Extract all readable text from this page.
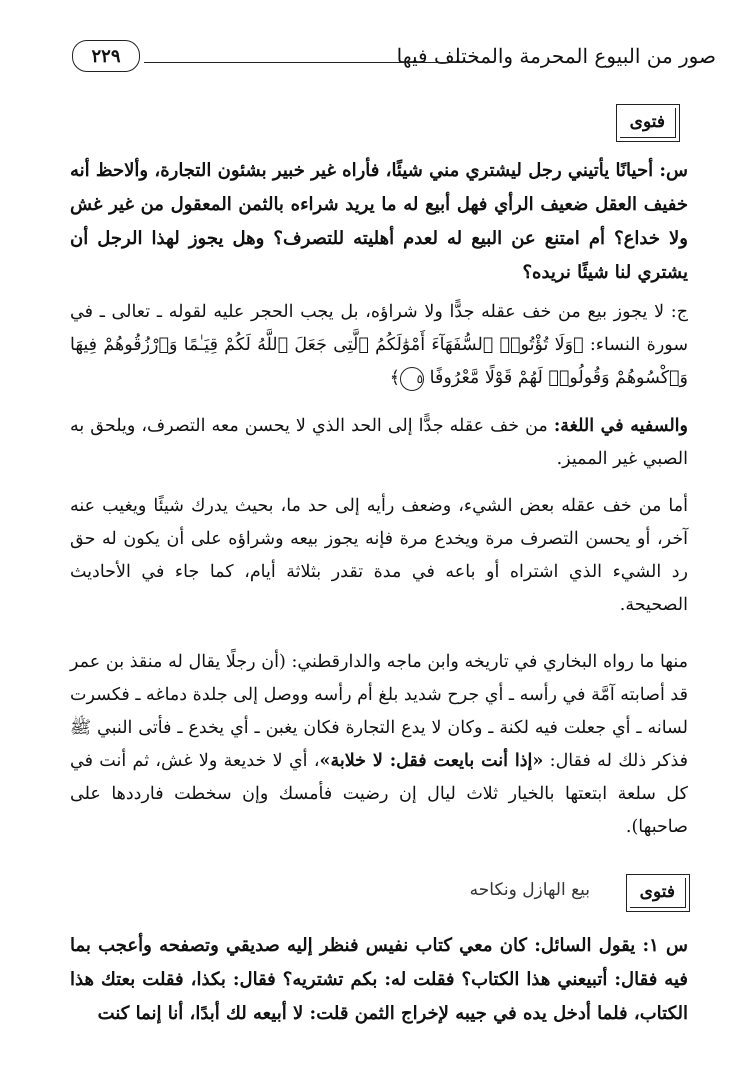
صور من البيوع المحرمة والمختلف فيها
٢٢٩
فتوى
س: أحيانًا يأتيني رجل ليشتري مني شيئًا، فأراه غير خبير بشئون التجارة، وألاحظ أنه خفيف العقل ضعيف الرأي فهل أبيع له ما يريد شراءه بالثمن المعقول من غير غش ولا خداع؟ أم امتنع عن البيع له لعدم أهليته للتصرف؟ وهل يجوز لهذا الرجل أن يشتري لنا شيئًا نريده؟
ج: لا يجوز بيع من خف عقله جدًّا ولا شراؤه، بل يجب الحجر عليه لقوله ـ تعالى ـ في سورة النساء: ﴿وَلَا تُؤْتُوا۟ ٱلسُّفَهَآءَ أَمْوَٰلَكُمُ ٱلَّتِى جَعَلَ ٱللَّهُ لَكُمْ قِيَـٰمًا وَٱرْزُقُوهُمْ فِيهَا وَٱكْسُوهُمْ وَقُولُوا۟ لَهُمْ قَوْلًا مَّعْرُوفًا ٥﴾
والسفيه في اللغة: من خف عقله جدًّا إلى الحد الذي لا يحسن معه التصرف، ويلحق به الصبي غير المميز.
أما من خف عقله بعض الشيء، وضعف رأيه إلى حد ما، بحيث يدرك شيئًا ويغيب عنه آخر، أو يحسن التصرف مرة ويخدع مرة فإنه يجوز بيعه وشراؤه على أن يكون له حق رد الشيء الذي اشتراه أو باعه في مدة تقدر بثلاثة أيام، كما جاء في الأحاديث الصحيحة.
منها ما رواه البخاري في تاريخه وابن ماجه والدارقطني: (أن رجلًا يقال له منقذ بن عمر قد أصابته آمَّة في رأسه ـ أي جرح شديد بلغ أم رأسه ووصل إلى جلدة دماغه ـ فكسرت لسانه ـ أي جعلت فيه لكنة ـ وكان لا يدع التجارة فكان يغبن ـ أي يخدع ـ فأتى النبي ﷺ فذكر ذلك له فقال: «إذا أنت بايعت فقل: لا خلابة»، أي لا خديعة ولا غش، ثم أنت في كل سلعة ابتعتها بالخيار ثلاث ليال إن رضيت فأمسك وإن سخطت فارددها على صاحبها).
فتوى
بيع الهازل ونكاحه
س ١: يقول السائل: كان معي كتاب نفيس فنظر إليه صديقي وتصفحه وأعجب بما فيه فقال: أتبيعني هذا الكتاب؟ فقلت له: بكم تشتريه؟ فقال: بكذا، فقلت بعتك هذا الكتاب، فلما أدخل يده في جيبه لإخراج الثمن قلت: لا أبيعه لك أبدًا، أنا إنما كنت
